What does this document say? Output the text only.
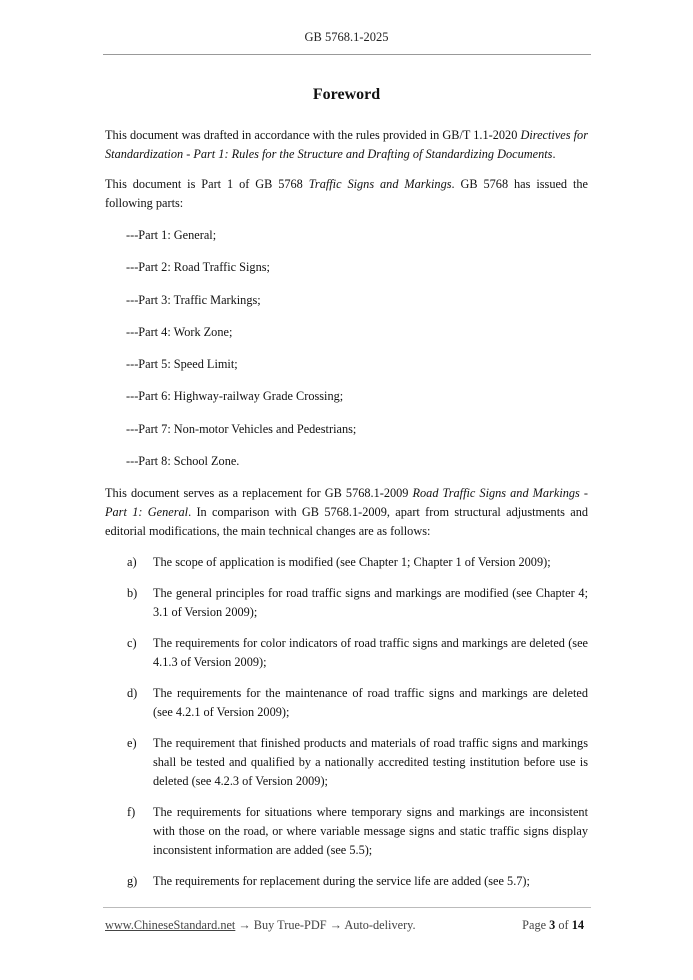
GB 5768.1-2025
Foreword

This document was drafted in accordance with the rules provided in GB/T 1.1-2020 Directives for Standardization - Part 1: Rules for the Structure and Drafting of Standardizing Documents.

This document is Part 1 of GB 5768 Traffic Signs and Markings. GB 5768 has issued the following parts:

---Part 1: General;

---Part 2: Road Traffic Signs;

---Part 3: Traffic Markings;

---Part 4: Work Zone;

---Part 5: Speed Limit;

---Part 6: Highway-railway Grade Crossing;

---Part 7: Non-motor Vehicles and Pedestrians;

---Part 8: School Zone.

This document serves as a replacement for GB 5768.1-2009 Road Traffic Signs and Markings - Part 1: General. In comparison with GB 5768.1-2009, apart from structural adjustments and editorial modifications, the main technical changes are as follows:

a)	The scope of application is modified (see Chapter 1; Chapter 1 of Version 2009);
b)	The general principles for road traffic signs and markings are modified (see Chapter 4; 3.1 of Version 2009);
c)	The requirements for color indicators of road traffic signs and markings are deleted (see 4.1.3 of Version 2009);
d)	The requirements for the maintenance of road traffic signs and markings are deleted (see 4.2.1 of Version 2009);
e)	The requirement that finished products and materials of road traffic signs and markings shall be tested and qualified by a nationally accredited testing institution before use is deleted (see 4.2.3 of Version 2009);
f)	The requirements for situations where temporary signs and markings are inconsistent with those on the road, or where variable message signs and static traffic signs display inconsistent information are added (see 5.5);
g)	The requirements for replacement during the service life are added (see 5.7);
www.ChineseStandard.net → Buy True-PDF → Auto-delivery.	Page 3 of 14
